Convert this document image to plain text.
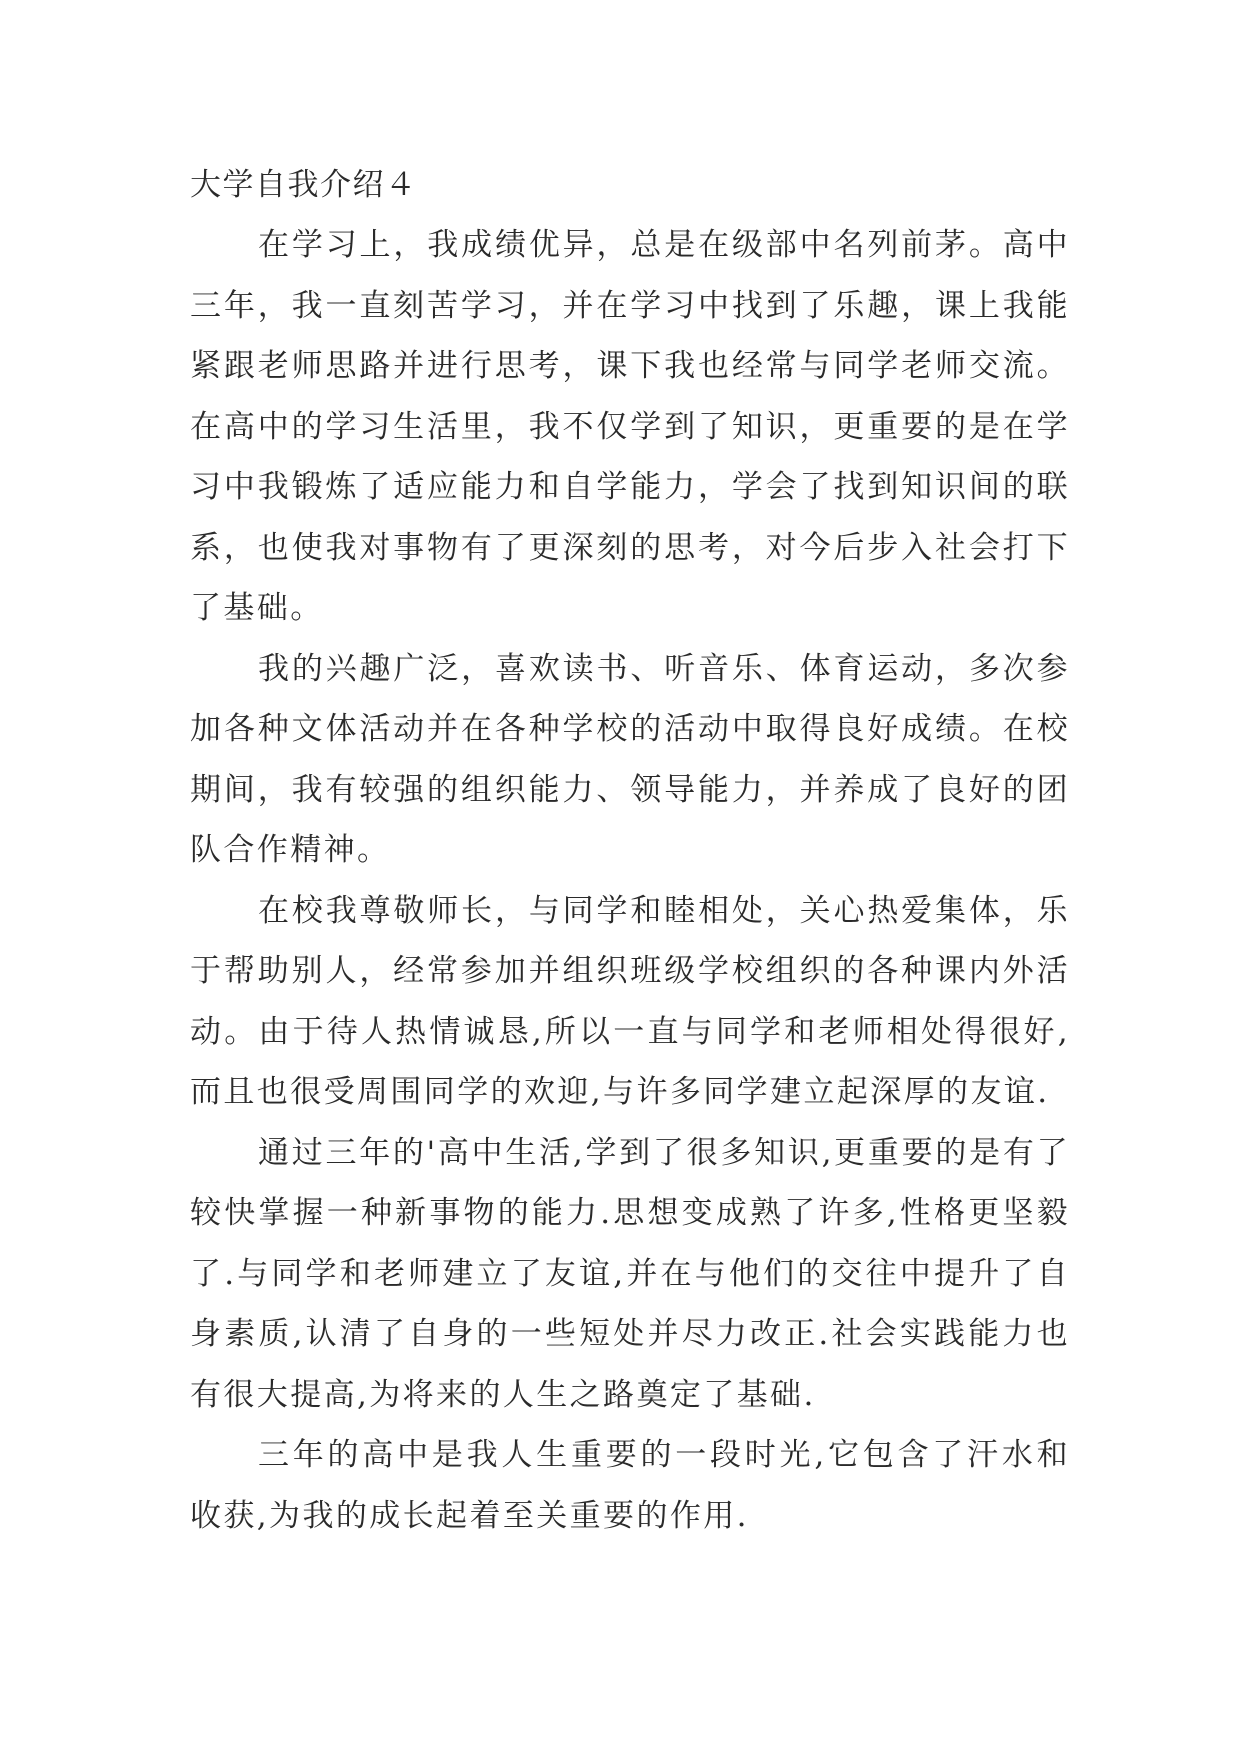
大学自我介绍４

在学习上，我成绩优异，总是在级部中名列前茅。高中三年，我一直刻苦学习，并在学习中找到了乐趣，课上我能紧跟老师思路并进行思考，课下我也经常与同学老师交流。在高中的学习生活里，我不仅学到了知识，更重要的是在学习中我锻炼了适应能力和自学能力，学会了找到知识间的联系，也使我对事物有了更深刻的思考，对今后步入社会打下了基础。

我的兴趣广泛，喜欢读书、听音乐、体育运动，多次参加各种文体活动并在各种学校的活动中取得良好成绩。在校期间，我有较强的组织能力、领导能力，并养成了良好的团队合作精神。

在校我尊敬师长，与同学和睦相处，关心热爱集体，乐于帮助别人，经常参加并组织班级学校组织的各种课内外活动。由于待人热情诚恳,所以一直与同学和老师相处得很好,而且也很受周围同学的欢迎,与许多同学建立起深厚的友谊.

通过三年的'高中生活,学到了很多知识,更重要的是有了较快掌握一种新事物的能力.思想变成熟了许多,性格更坚毅了.与同学和老师建立了友谊,并在与他们的交往中提升了自身素质,认清了自身的一些短处并尽力改正.社会实践能力也有很大提高,为将来的人生之路奠定了基础.

三年的高中是我人生重要的一段时光,它包含了汗水和收获,为我的成长起着至关重要的作用.
